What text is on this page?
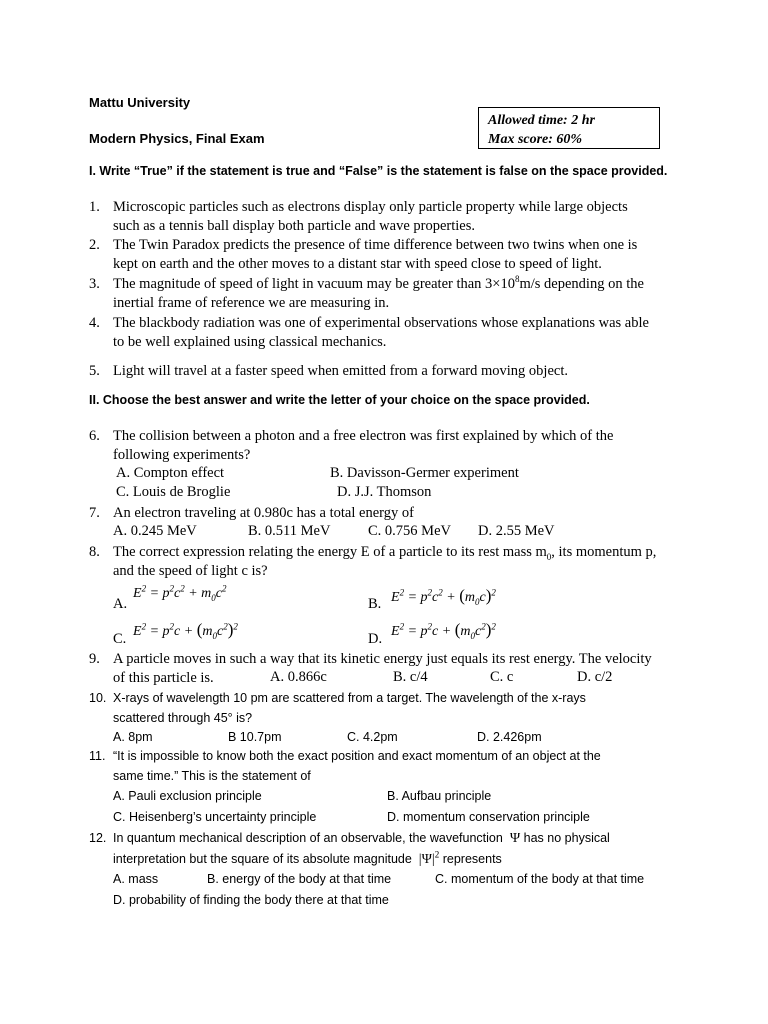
Mattu University
Modern Physics, Final Exam
Allowed time: 2 hr
Max score: 60%
I. Write “True” if the statement is true and “False” is the statement is false on the space provided.
1. Microscopic particles such as electrons display only particle property while large objects
such as a tennis ball display both particle and wave properties.
2. The Twin Paradox predicts the presence of time difference between two twins when one is
kept on earth and the other moves to a distant star with speed close to speed of light.
3. The magnitude of speed of light in vacuum may be greater than $3\times 10^8m/s$ depending on the
inertial frame of reference we are measuring in.
4. The blackbody radiation was one of experimental observations whose explanations was able
to be well explained using classical mechanics.
5. Light will travel at a faster speed when emitted from a forward moving object.
II. Choose the best answer and write the letter of your choice on the space provided.
6. The collision between a photon and a free electron was first explained by which of the
following experiments?
A. Compton effect	B. Davisson-Germer experiment
C. Louis de Broglie	D. J.J. Thomson
7. An electron traveling at 0.980c has a total energy of
A. 0.245 MeV	B. 0.511 MeV	C. 0.756 MeV D. 2.55 MeV
8. The correct expression relating the energy E of a particle to its rest mass $m_0$, its momentum p,
and the speed of light c is?
A.
$E^2 = p^2c^2 + m_0c^2$
B. $E^2 = p^2c^2 + (m_0c)^2$
C. $E^2 = p^2c + (m_0c^2)^2$
D. $E^2 = p^2c + (m_0c^2)^2$
9. A particle moves in such a way that its kinetic energy just equals its rest energy. The velocity
of this particle is.	A. 0.866c	B. c/4	C. c	D. c/2
10. X-rays of wavelength 10 pm are scattered from a target. The wavelength of the x-rays
scattered through 45° is?
A. 8pm	B 10.7pm	C. 4.2pm	D. 2.426pm
11. “It is impossible to know both the exact position and exact momentum of an object at the
same time.” This is the statement of
A. Pauli exclusion principle	B. Aufbau principle
C. Heisenberg’s uncertainty principle	D. momentum conservation principle
12. In quantum mechanical description of an observable, the wavefunction  Ψ has no physical
interpretation but the square of its absolute magnitude  $|\Psi|^2$ represents
A. mass	B. energy of the body at that time	C. momentum of the body at that time
D. probability of finding the body there at that time
